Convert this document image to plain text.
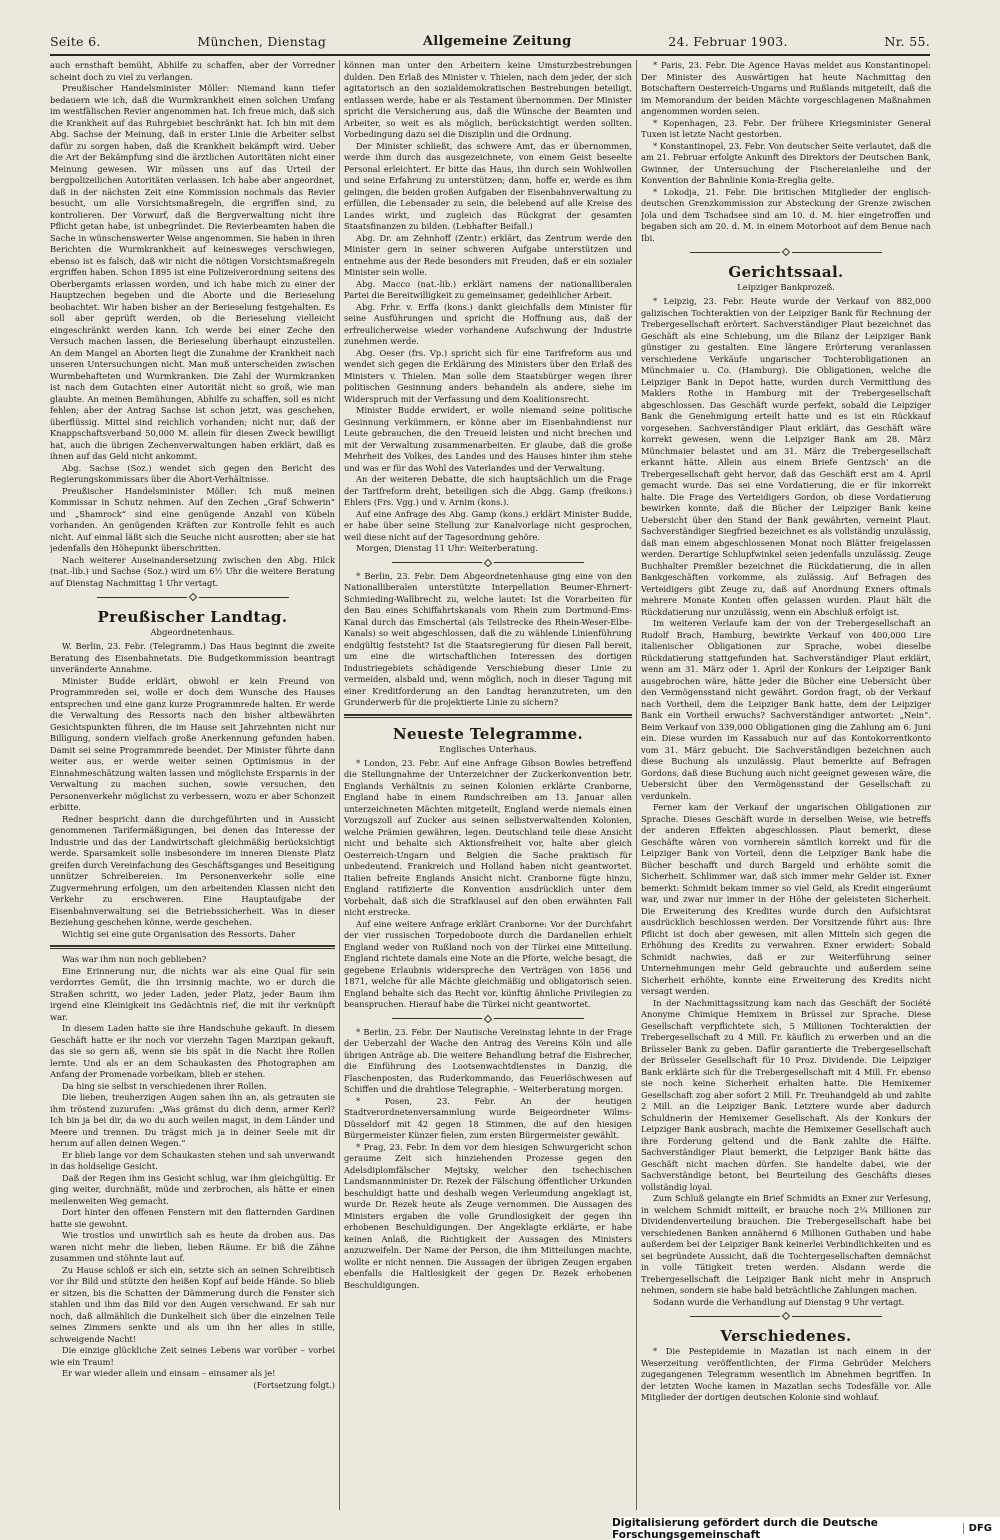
Seite 6.	München, Dienstag	Allgemeine Zeitung	24. Februar 1903.	Nr. 55.

auch ernsthaft bemüht, Abhilfe zu schaffen, aber der Vorredner scheint doch zu viel zu verlangen.

Preußischer Handelsminister Möller: Niemand kann tiefer bedauern wie ich, daß die Wurmkrankheit einen solchen Umfang im westfälischen Revier angenommen hat. Ich freue mich, daß sich die Krankheit auf das Ruhrgebiet beschränkt hat. Ich bin mit dem Abg. Sachse der Meinung, daß in erster Linie die Arbeiter selbst dafür zu sorgen haben, daß die Krankheit bekämpft wird. Ueber die Art der Bekämpfung sind die ärztlichen Autoritäten nicht einer Meinung gewesen. Wir müssen uns auf das Urteil der bergpolizeilichen Autoritäten verlassen. Ich habe aber angeordnet, daß in der nächsten Zeit eine Kommission nochmals das Revier besucht, um alle Vorsichtsmaßregeln, die ergriffen sind, zu kontrolieren. Der Vorwurf, daß die Bergverwaltung nicht ihre Pflicht getan habe, ist unbegründet. Die Revierbeamten haben die Sache in wünschenswerter Weise angenommen. Sie haben in ihren Berichten die Wurmkrankheit auf keinesweges verschwiegen, ebenso ist es falsch, daß wir nicht die nötigen Vorsichtsmaßregeln ergriffen haben. Schon 1895 ist eine Polizeiverordnung seitens des Oberbergamts erlassen worden, und ich habe mich zu einer der Hauptzechen begeben und die Aborte und die Berieselung beobachtet. Wir haben bisher an der Berieselung festgehalten. Es soll aber geprüft werden, ob die Berieselung vielleicht eingeschränkt werden kann. Ich werde bei einer Zeche den Versuch machen lassen, die Berieselung überhaupt einzustellen. An dem Mangel an Aborten liegt die Zunahme der Krankheit nach unseren Untersuchungen nicht. Man muß unterscheiden zwischen Wurmbehafteten und Wurmkranken. Die Zahl der Wurmkranken ist nach dem Gutachten einer Autorität nicht so groß, wie man glaubte. An meinen Bemühungen, Abhilfe zu schaffen, soll es nicht fehlen; aber der Antrag Sachse ist schon jetzt, was geschehen, überflüssig. Mittel sind reichlich vorhanden; nicht nur, daß der Knappschaftsverband 50,000 M. allein für diesen Zweck bewilligt hat, auch die übrigen Zechenverwaltungen haben erklärt, daß es ihnen auf das Geld nicht ankommt.

Abg. Sachse (Soz.) wendet sich gegen den Bericht des Regierungskommissars über die Abort-Verhältnisse.

Preußischer Handelsminister Möller: Ich muß meinen Kommissar in Schutz nehmen. Auf den Zechen „Graf Schwerin“ und „Shamrock“ sind eine genügende Anzahl von Kübeln vorhanden. An genügenden Kräften zur Kontrolle fehlt es auch nicht. Auf einmal läßt sich die Seuche nicht ausrotten; aber sie hat jedenfalls den Höhepunkt überschritten.

Nach weiterer Auseinandersetzung zwischen den Abg. Hilck (nat.-lib.) und Sachse (Soz.) wird um 6½ Uhr die weitere Beratung auf Dienstag Nachmittag 1 Uhr vertagt.

Preußischer Landtag.
Abgeordnetenhaus.

W. Berlin, 23. Febr. (Telegramm.) Das Haus beginnt die zweite Beratung des Eisenbahnetats. Die Budgetkommission beantragt unveränderte Annahme.

Minister Budde erklärt, obwohl er kein Freund von Programmreden sei, wolle er doch dem Wunsche des Hauses entsprechen und eine ganz kurze Programmrede halten. Er werde die Verwaltung des Ressorts nach den bisher altbewährten Gesichtspunkten führen, die im Hause seit Jahrzehnten nicht nur Billigung, sondern vielfach große Anerkennung gefunden haben. Damit sei seine Programmrede beendet. Der Minister führte dann weiter aus, er werde weiter seinen Optimismus in der Einnahmeschätzung walten lassen und möglichste Ersparnis in der Verwaltung zu machen suchen, sowie versuchen, den Personenverkehr möglichst zu verbessern, wozu er aber Schonzeit erbitte.

Redner bespricht dann die durchgeführten und in Aussicht genommenen Tarifermäßigungen, bei denen das Interesse der Industrie und das der Landwirtschaft gleichmäßig berücksichtigt werde. Sparsamkeit solle insbesondere im inneren Dienste Platz greifen durch Vereinfachung des Geschäftsganges und Beseitigung unnützer Schreibereien. Im Personenverkehr solle eine Zugvermehrung erfolgen, um den arbeitenden Klassen nicht den Verkehr zu erschweren. Eine Hauptaufgabe der Eisenbahnverwaltung sei die Betriebssicherheit. Was in dieser Beziehung geschehen könne, werde geschehen.

Wichtig sei eine gute Organisation des Ressorts. Daher

Was war ihm nun noch geblieben?

Eine Erinnerung nur, die nichts war als eine Qual für sein verdorrtes Gemüt, die ihn irrsinnig machte, wo er durch die Straßen schritt, wo jeder Laden, jeder Platz, jeder Baum ihm irgend eine Kleinigkeit ins Gedächtnis rief, die mit ihr verknüpft war.

In diesem Laden hatte sie ihre Handschuhe gekauft. In diesem Geschäft hatte er ihr noch vor vierzehn Tagen Marzipan gekauft, das sie so gern aß, wenn sie bis spät in die Nacht ihre Rollen lernte. Und als er an dem Schaukasten des Photographen am Anfang der Promenade vorbeikam, blieb er stehen.

Da hing sie selbst in verschiedenen ihrer Rollen.

Die lieben, treuherzigen Augen sahen ihn an, als getrauten sie ihm tröstend zuzurufen: „Was grämst du dich denn, armer Kerl? Ich bin ja bei dir, da wo du auch weilen magst, in dem Länder und Meere und trennen. Du trägst mich ja in deiner Seele mit dir herum auf allen deinen Wegen.“

Er blieb lange vor dem Schaukasten stehen und sah unverwandt in das holdselige Gesicht.

Daß der Regen ihm ins Gesicht schlug, war ihm gleichgültig. Er ging weiter, durchnäßt, müde und zerbrochen, als hätte er einen meilenweiten Weg gemacht.

Dort hinter den offenen Fenstern mit den flatternden Gardinen hatte sie gewohnt.

Wie trostlos und unwirtlich sah es heute da droben aus. Das waren nicht mehr die lieben, lieben Räume. Er biß die Zähne zusammen und stöhnte laut auf.

Zu Hause schloß er sich ein, setzte sich an seinen Schreibtisch vor ihr Bild und stützte den heißen Kopf auf beide Hände. So blieb er sitzen, bis die Schatten der Dämmerung durch die Fenster sich stahlen und ihm das Bild vor den Augen verschwand. Er sah nur noch, daß allmählich die Dunkelheit sich über die einzelnen Teile seines Zimmers senkte und als um ihn her alles in stille, schweigende Nacht!

Die einzige glückliche Zeit seines Lebens war vorüber – vorbei wie ein Traum!

Er war wieder allein und einsam – einsamer als je!

(Fortsetzung folgt.)

können man unter den Arbeitern keine Umsturzbestrebungen dulden. Den Erlaß des Minister v. Thielen, nach dem jeder, der sich agitatorisch an den sozialdemokratischen Bestrebungen beteiligt, entlassen werde, habe er als Testament übernommen. Der Minister spricht die Versicherung aus, daß die Wünsche der Beamten und Arbeiter, so weit es als möglich, berücksichtigt werden sollten. Vorbedingung dazu sei die Disziplin und die Ordnung.

Der Minister schließt, das schwere Amt, das er übernommen, werde ihm durch das ausgezeichnete, von einem Geist beseelte Personal erleichtert. Er bitte das Haus, ihn durch sein Wohlwollen und seine Erfahrung zu unterstützen; dann, hoffe er, werde es ihm gelingen, die beiden großen Aufgaben der Eisenbahnverwaltung zu erfüllen, die Lebensader zu sein, die belebend auf alle Kreise des Landes wirkt, und zugleich das Rückgrat der gesamten Staatsfinanzen zu bilden. (Lebhafter Beifall.)

Abg. Dr. am Zehnhoff (Zentr.) erklärt, das Zentrum werde den Minister gern in seiner schweren Aufgabe unterstützen und entnehme aus der Rede besonders mit Freuden, daß er ein sozialer Minister sein wolle.

Abg. Macco (nat.-lib.) erklärt namens der nationalliberalen Partei die Bereitwilligkeit zu gemeinsamer, gedeihlicher Arbeit.

Abg. Frhr. v. Erffa (kons.) dankt gleichfalls dem Minister für seine Ausführungen und spricht die Hoffnung aus, daß der erfreulicherweise wieder vorhandene Aufschwung der Industrie zunehmen werde.

Abg. Oeser (frs. Vp.) spricht sich für eine Tarifreform aus und wendet sich gegen die Erklärung des Ministers über den Erlaß des Ministers v. Thielen. Man solle dem Staatsbürger wegen ihrer politischen Gesinnung anders behandeln als andere, siehe im Widerspruch mit der Verfassung und dem Koalitionsrecht.

Minister Budde erwidert, er wolle niemand seine politische Gesinnung verkümmern, er könne aber im Eisenbahndienst nur Leute gebrauchen, die den Treueid leisten und nicht brechen und mit der Verwaltung zusammenarbeiten. Er glaube, daß die große Mehrheit des Volkes, des Landes und des Hauses hinter ihm stehe und was er für das Wohl des Vaterlandes und der Verwaltung.

An der weiteren Debatte, die sich hauptsächlich um die Frage der Tarifreform dreht, beteiligen sich die Abgg. Gamp (freikons.) Ehlers (Frs. Vgg.) und v. Arnim (kons.).

Auf eine Anfrage des Abg. Gamp (kons.) erklärt Minister Budde, er habe über seine Stellung zur Kanalvorlage nicht gesprochen, weil diese nicht auf der Tagesordnung gehöre.

Morgen, Dienstag 11 Uhr: Weiterberatung.

* Berlin, 23. Febr. Dem Abgeordnetenhause ging eine von den Nationalliberalen unterstützte Interpellation Beumer-Ehrnert-Schmieding-Wallbrecht zu, welche lautet: Ist die Vorarbeiten für den Bau eines Schiffahrtskanals vom Rhein zum Dortmund-Ems-Kanal durch das Emschertal (als Teilstrecke des Rhein-Weser-Elbe-Kanals) so weit abgeschlossen, daß die zu wählende Linienführung endgültig feststeht? Ist die Staatsregierung für diesen Fall bereit, um eine die wirtschaftlichen Interessen des dortigen Industriegebiets schädigende Verschiebung dieser Linie zu vermeiden, alsbald und, wenn möglich, noch in dieser Tagung mit einer Kreditforderung an den Landtag heranzutreten, um den Grunderwerb für die projektierte Linie zu sichern?

Neueste Telegramme.
Englisches Unterhaus.

* London, 23. Febr. Auf eine Anfrage Gibson Bowles betreffend die Stellungnahme der Unterzeichner der Zuckerkonvention betr. Englands Verhältnis zu seinen Kolonien erklärte Cranborne, England habe in einem Rundschreiben am 13. Januar allen unterzeichneten Mächten mitgeteilt, England werde niemals einen Vorzugszoll auf Zucker aus seinen selbstverwaltenden Kolonien, welche Prämien gewähren, legen. Deutschland teile diese Ansicht nicht und behalte sich Aktionsfreiheit vor, halte aber gleich Oesterreich-Ungarn und Belgien die Sache praktisch für unbedeutend. Frankreich und Holland haben nicht geantwortet. Italien befreite Englands Ansicht nicht. Cranborne fügte hinzu, England ratifizierte die Konvention ausdrücklich unter dem Vorbehalt, daß sich die Strafklausel auf den oben erwähnten Fall nicht erstrecke.

Auf eine weitere Anfrage erklärt Cranborne: Vor der Durchfahrt der vier russischen Torpedoboote durch die Dardanellen erhielt England weder von Rußland noch von der Türkei eine Mitteilung. England richtete damals eine Note an die Pforte, welche besagt, die gegebene Erlaubnis widerspreche den Verträgen von 1856 und 1871, welche für alle Mächte gleichmäßig und obligatorisch seien. England behalte sich das Recht vor, künftig ähnliche Privilegien zu beanspruchen. Hierauf habe die Türkei nicht geantwortet.

* Berlin, 23. Febr. Der Nautische Vereinstag lehnte in der Frage der Ueberzahl der Wache den Antrag des Vereins Köln und alle übrigen Anträge ab. Die weitere Behandlung betraf die Eisbrecher, die Einführung des Lootsenwachtdienstes in Danzig, die Flaschenposten, das Ruderkommando, das Feuerlöschwesen auf Schiffen und die drahtlose Telegraphie. – Weiterberatung morgen.

* Posen, 23. Febr. An der heutigen Stadtverordnetenversammlung wurde Beigeordneter Wilms-Düsseldorf mit 42 gegen 18 Stimmen, die auf den hiesigen Bürgermeister Künzer fielen, zum ersten Bürgermeister gewählt.

* Prag, 23. Febr. In dem vor dem hiesigen Schwurgericht schon geraume Zeit sich hinziehenden Prozesse gegen den Adelsdiplomfälscher Mejtsky, welcher den tschechischen Landsmannminister Dr. Rezek der Fälschung öffentlicher Urkunden beschuldigt hatte und deshalb wegen Verleumdung angeklagt ist, wurde Dr. Rezek heute als Zeuge vernommen. Die Aussagen des Ministers ergaben die volle Grundlosigkeit der gegen ihn erhobenen Beschuldigungen. Der Angeklagte erklärte, er habe keinen Anlaß, die Richtigkeit der Aussagen des Ministers anzuzweifeln. Der Name der Person, die ihm Mitteilungen machte, wollte er nicht nennen. Die Aussagen der übrigen Zeugen ergaben ebenfalls die Haltlosigkeit der gegen Dr. Rezek erhobenen Beschuldigungen.

* Paris, 23. Febr. Die Agence Havas meldet aus Konstantinopel: Der Minister des Auswärtigen hat heute Nachmittag den Botschaftern Oesterreich-Ungarns und Rußlands mitgeteilt, daß die im Memorandum der beiden Mächte vorgeschlagenen Maßnahmen angenommen worden seien.

* Kopenhagen, 23. Febr. Der frühere Kriegsminister General Tuxen ist letzte Nacht gestorben.

* Konstantinopel, 23. Febr. Von deutscher Seite verlautet, daß die am 21. Februar erfolgte Ankunft des Direktors der Deutschen Bank, Gwinner, der Untersuchung der Fischereianleihe und der Konvention der Bahnlinie Konia-Ereglia gelte.

* Lokodja, 21. Febr. Die britischen Mitglieder der englisch-deutschen Grenzkommission zur Absteckung der Grenze zwischen Jola und dem Tschadsee sind am 10. d. M. hier eingetroffen und begaben sich am 20. d. M. in einem Motorboot auf dem Benue nach Ibi.

Gerichtssaal.
Leipziger Bankprozeß.

* Leipzig, 23. Febr. Heute wurde der Verkauf von 882,000 galizischen Tochteraktien von der Leipziger Bank für Rechnung der Trebergesellschaft erörtert. Sachverständiger Plaut bezeichnet das Geschäft als eine Schiebung, um die Bilanz der Leipziger Bank günstiger zu gestalten. Eine längere Erörterung veranlassen verschiedene Verkäufe ungarischer Tochterobligationen an Münchmaier u. Co. (Hamburg). Die Obligationen, welche die Leipziger Bank in Depot hatte, wurden durch Vermittlung des Maklers Rothe in Hamburg mit der Trebergesellschaft abgeschlossen. Das Geschäft wurde perfekt, sobald die Leipziger Bank die Genehmigung erteilt hatte und es ist ein Rückkauf vorgesehen. Sachverständiger Plaut erklärt, das Geschäft wäre korrekt gewesen, wenn die Leipziger Bank am 28. März Münchmaier belastet und am 31. März die Trebergesellschaft erkannt hätte. Allein aus einem Briefe Gentzsch' an die Trebergesellschaft geht hervor, daß das Geschäft erst am 4. April gemacht wurde. Das sei eine Vordatierung, die er für inkorrekt halte. Die Frage des Verteidigers Gordon, ob diese Vordatierung bewirken konnte, daß die Bücher der Leipziger Bank keine Uebersicht über den Stand der Bank gewährten, verneint Plaut. Sachverständiger Siegfried bezeichnet es als vollständig unzulässig, daß man einem abgeschlossenen Monat noch Blätter freigelassen werden. Derartige Schlupfwinkel seien jedenfalls unzulässig. Zeuge Buchhalter Premßler bezeichnet die Rückdatierung, die in allen Bankgeschäften vorkomme, als zulässig. Auf Befragen des Verteidigers gibt Zeuge zu, daß auf Anordnung Exners oftmals mehrere Monate Konten offen gelassen wurden. Plaut hält die Rückdatierung nur unzulässig, wenn ein Abschluß erfolgt ist.

Im weiteren Verlaufe kam der von der Trebergesellschaft an Rudolf Brach, Hamburg, bewirkte Verkauf von 400,000 Lire italienischer Obligationen zur Sprache, wobei dieselbe Rückdatierung stattgefunden hat. Sachverständiger Plaut erklärt, wenn am 31. März oder 1. April der Konkurs der Leipziger Bank ausgebrochen wäre, hätte jeder die Bücher eine Uebersicht über den Vermögensstand nicht gewährt. Gordon fragt, ob der Verkauf nach Vortheil, dem die Leipziger Bank hatte, dem der Leipziger Bank ein Vortheil erwuchs? Sachverständiger antwortet: „Nein“. Beim Verkauf von 339,000 Obligationen ging die Zahlung am 6. Juni ein. Diese wurden im Kassabuch nur auf das Kontokorrentkonto vom 31. März gebucht. Die Sachverständigen bezeichnen auch diese Buchung als unzulässig. Plaut bemerkte auf Befragen Gordons, daß diese Buchung auch nicht geeignet gewesen wäre, die Uebersicht über den Vermögensstand der Gesellschaft zu verdunkeln.

Ferner kam der Verkauf der ungarischen Obligationen zur Sprache. Dieses Geschäft wurde in derselben Weise, wie betreffs der anderen Effekten abgeschlossen. Plaut bemerkt, diese Geschäfte wären von vornherein sämtlich korrekt und für die Leipziger Bank von Vorteil, denn die Leipziger Bank habe die Bücher beschafft und durch Bargeld und erhöhte somit die Sicherheit. Schlimmer war, daß sich immer mehr Gelder ist. Exner bemerkt: Schmidt bekam immer so viel Geld, als Kredit eingeräumt war, und zwar nur immer in der Höhe der geleisteten Sicherheit. Die Erweiterung des Kredites wurde durch den Aufsichtsrat ausdrücklich beschlossen werden. Der Vorsitzende führt aus: Ihre Pflicht ist doch aber gewesen, mit allen Mitteln sich gegen die Erhöhung des Kredits zu verwahren. Exner erwidert: Sobald Schmidt nachwies, daß er zur Weiterführung seiner Unternehmungen mehr Geld gebrauchte und außerdem seine Sicherheit erhöhte, konnte eine Erweiterung des Kredits nicht versagt werden.

In der Nachmittagssitzung kam nach das Geschäft der Société Anonyme Chimique Hemixem in Brüssel zur Sprache. Diese Gesellschaft verpflichtete sich, 5 Millionen Tochteraktien der Trebergesellschaft zu 4 Mill. Fr. käuflich zu erwerben und an die Brüsseler Bank zu geben. Dafür garantierte die Trebergesellschaft der Brüsseler Gesellschaft für 10 Proz. Dividende. Die Leipziger Bank erklärte sich für die Trebergesellschaft mit 4 Mill. Fr. ebenso sie noch keine Sicherheit erhalten hatte. Die Hemixemer Gesellschaft zog aber sofort 2 Mill. Fr. Treuhandgeld ab und zahlte 2 Mill. an die Leipziger Bank. Letztere wurde aber dadurch Schuldnerin der Hemixemer Gesellschaft. Als der Konkurs der Leipziger Bank ausbrach, machte die Hemixemer Gesellschaft auch ihre Forderung geltend und die Bank zahlte die Hälfte. Sachverständiger Plaut bemerkt, die Leipziger Bank hätte das Geschäft nicht machen dürfen. Sie handelte dabei, wie der Sachverständige betont, bei Beurteilung des Geschäfts dieses vollständig loyal.

Zum Schluß gelangte ein Brief Schmidts an Exner zur Verlesung, in welchem Schmidt mitteilt, er brauche noch 2¼ Millionen zur Dividendenverteilung brauchen. Die Trebergesellschaft habe bei verschiedenen Banken annähernd 6 Millionen Guthaben und habe außerdem bei der Leipziger Bank keinerlei Verbindlichkeiten und es sei begründete Aussicht, daß die Tochtergesellschaften demnächst in volle Tätigkeit treten werden. Alsdann werde die Trebergesellschaft die Leipziger Bank nicht mehr in Anspruch nehmen, sondern sie habe bald beträchtliche Zahlungen machen.

Sodann wurde die Verhandlung auf Dienstag 9 Uhr vertagt.

Verschiedenes.

* Die Pestepidemie in Mazatlan ist nach einem in der Weserzeitung veröffentlichten, der Firma Gebrüder Melchers zugegangenen Telegramm wesentlich im Abnehmen begriffen. In der letzten Woche kamen in Mazatlan sechs Todesfälle vor. Alle Mitglieder der dortigen deutschen Kolonie sind wohlauf.

Digitalisierung gefördert durch die Deutsche Forschungsgemeinschaft	DFG
